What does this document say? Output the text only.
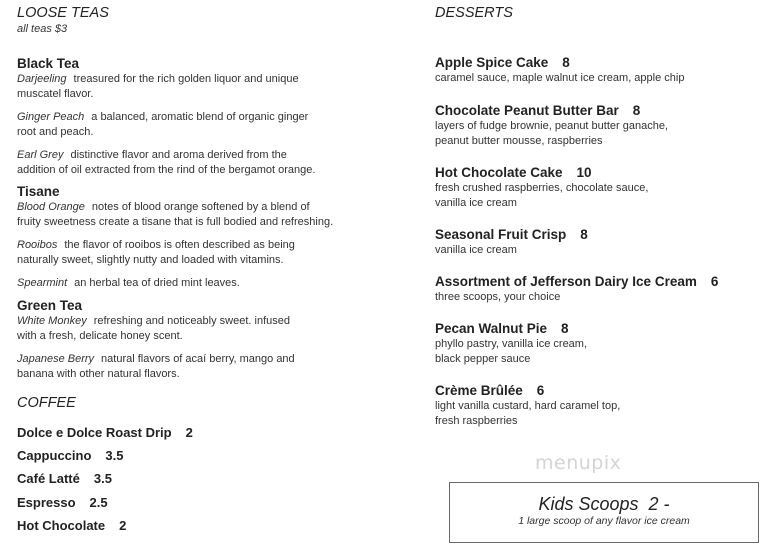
LOOSE TEAS
all teas $3
Black Tea
Darjeeling treasured for the rich golden liquor and unique
muscatel flavor.
Ginger Peach a balanced, aromatic blend of organic ginger
root and peach.
Earl Grey distinctive flavor and aroma derived from the
addition of oil extracted from the rind of the bergamot orange.
Tisane
Blood Orange notes of blood orange softened by a blend of
fruity sweetness create a tisane that is full bodied and refreshing.
Rooibos the flavor of rooibos is often described as being
naturally sweet, slightly nutty and loaded with vitamins.
Spearmint an herbal tea of dried mint leaves.
Green Tea
White Monkey refreshing and noticeably sweet. infused
with a fresh, delicate honey scent.
Japanese Berry natural flavors of acaí berry, mango and
banana with other natural flavors.
COFFEE
Dolce e Dolce Roast Drip 2
Cappuccino 3.5
Café Latté 3.5
Espresso 2.5
Hot Chocolate 2
DESSERTS
Apple Spice Cake 8
caramel sauce, maple walnut ice cream, apple chip
Chocolate Peanut Butter Bar 8
layers of fudge brownie, peanut butter ganache,
peanut butter mousse, raspberries
Hot Chocolate Cake 10
fresh crushed raspberries, chocolate sauce,
vanilla ice cream
Seasonal Fruit Crisp 8
vanilla ice cream
Assortment of Jefferson Dairy Ice Cream 6
three scoops, your choice
Pecan Walnut Pie 8
phyllo pastry, vanilla ice cream,
black pepper sauce
Crème Brûlée 6
light vanilla custard, hard caramel top,
fresh raspberries
menupix
Kids Scoops  2 -
1 large scoop of any flavor ice cream
